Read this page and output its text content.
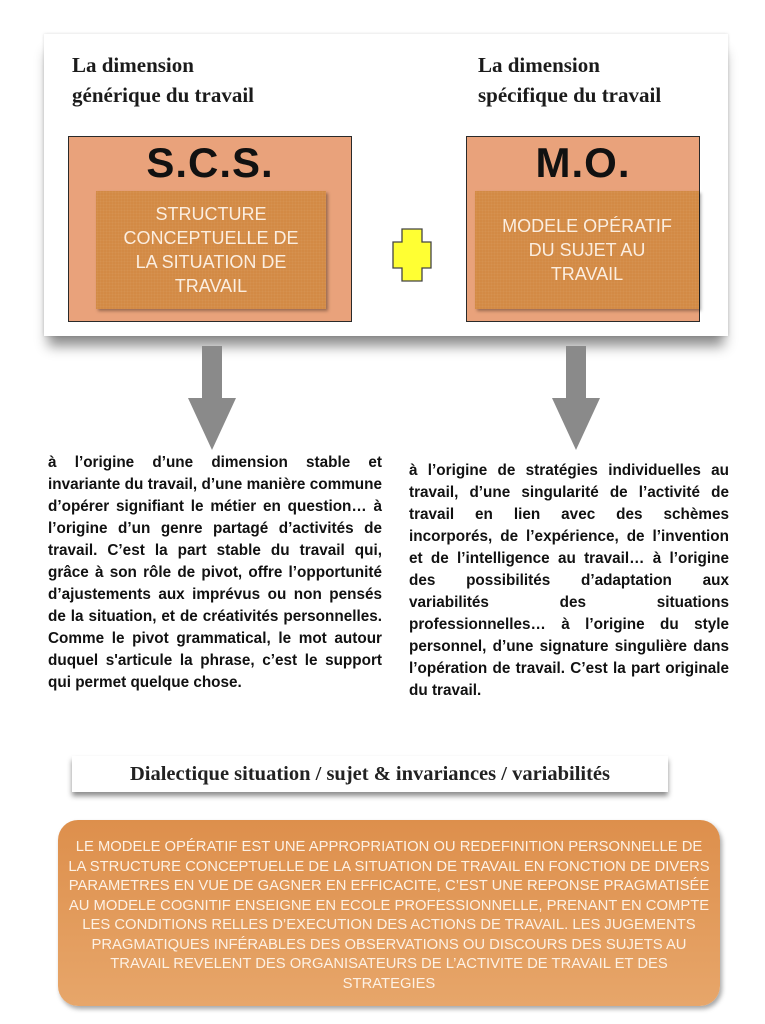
La dimension
générique du travail
La dimension
spécifique du travail
S.C.S.
STRUCTURE CONCEPTUELLE DE LA SITUATION DE TRAVAIL
M.O.
MODELE OPÉRATIF DU SUJET AU TRAVAIL

à l’origine d’une dimension stable et invariante du travail, d’une manière commune d’opérer signifiant le métier en question… à l’origine d’un genre partagé d’activités de travail. C’est la part stable du travail qui, grâce à son rôle de pivot, offre l’opportunité d’ajustements aux imprévus ou non pensés de la situation, et de créativités personnelles. Comme le pivot grammatical, le mot autour duquel s'articule la phrase, c’est le support qui permet quelque chose.

à l’origine de stratégies individuelles au travail, d’une singularité de l’activité de travail en lien avec des schèmes incorporés, de l’expérience, de l’invention et de l’intelligence au travail… à l’origine des possibilités d’adaptation aux variabilités des situations professionnelles… à l’origine du style personnel, d’une signature singulière dans l’opération de travail. C’est la part originale du travail.

Dialectique situation / sujet & invariances / variabilités
LE MODELE OPÉRATIF EST UNE APPROPRIATION OU REDEFINITION PERSONNELLE DE LA STRUCTURE CONCEPTUELLE DE LA SITUATION DE TRAVAIL EN FONCTION DE DIVERS PARAMETRES EN VUE DE GAGNER EN EFFICACITE, C’EST UNE REPONSE PRAGMATISÉE AU MODELE COGNITIF ENSEIGNE EN ECOLE PROFESSIONNELLE, PRENANT EN COMPTE LES CONDITIONS RELLES D’EXECUTION DES ACTIONS DE TRAVAIL. LES JUGEMENTS PRAGMATIQUES INFÉRABLES DES OBSERVATIONS OU DISCOURS DES SUJETS AU TRAVAIL REVELENT DES ORGANISATEURS DE L’ACTIVITE DE TRAVAIL ET DES STRATEGIES
